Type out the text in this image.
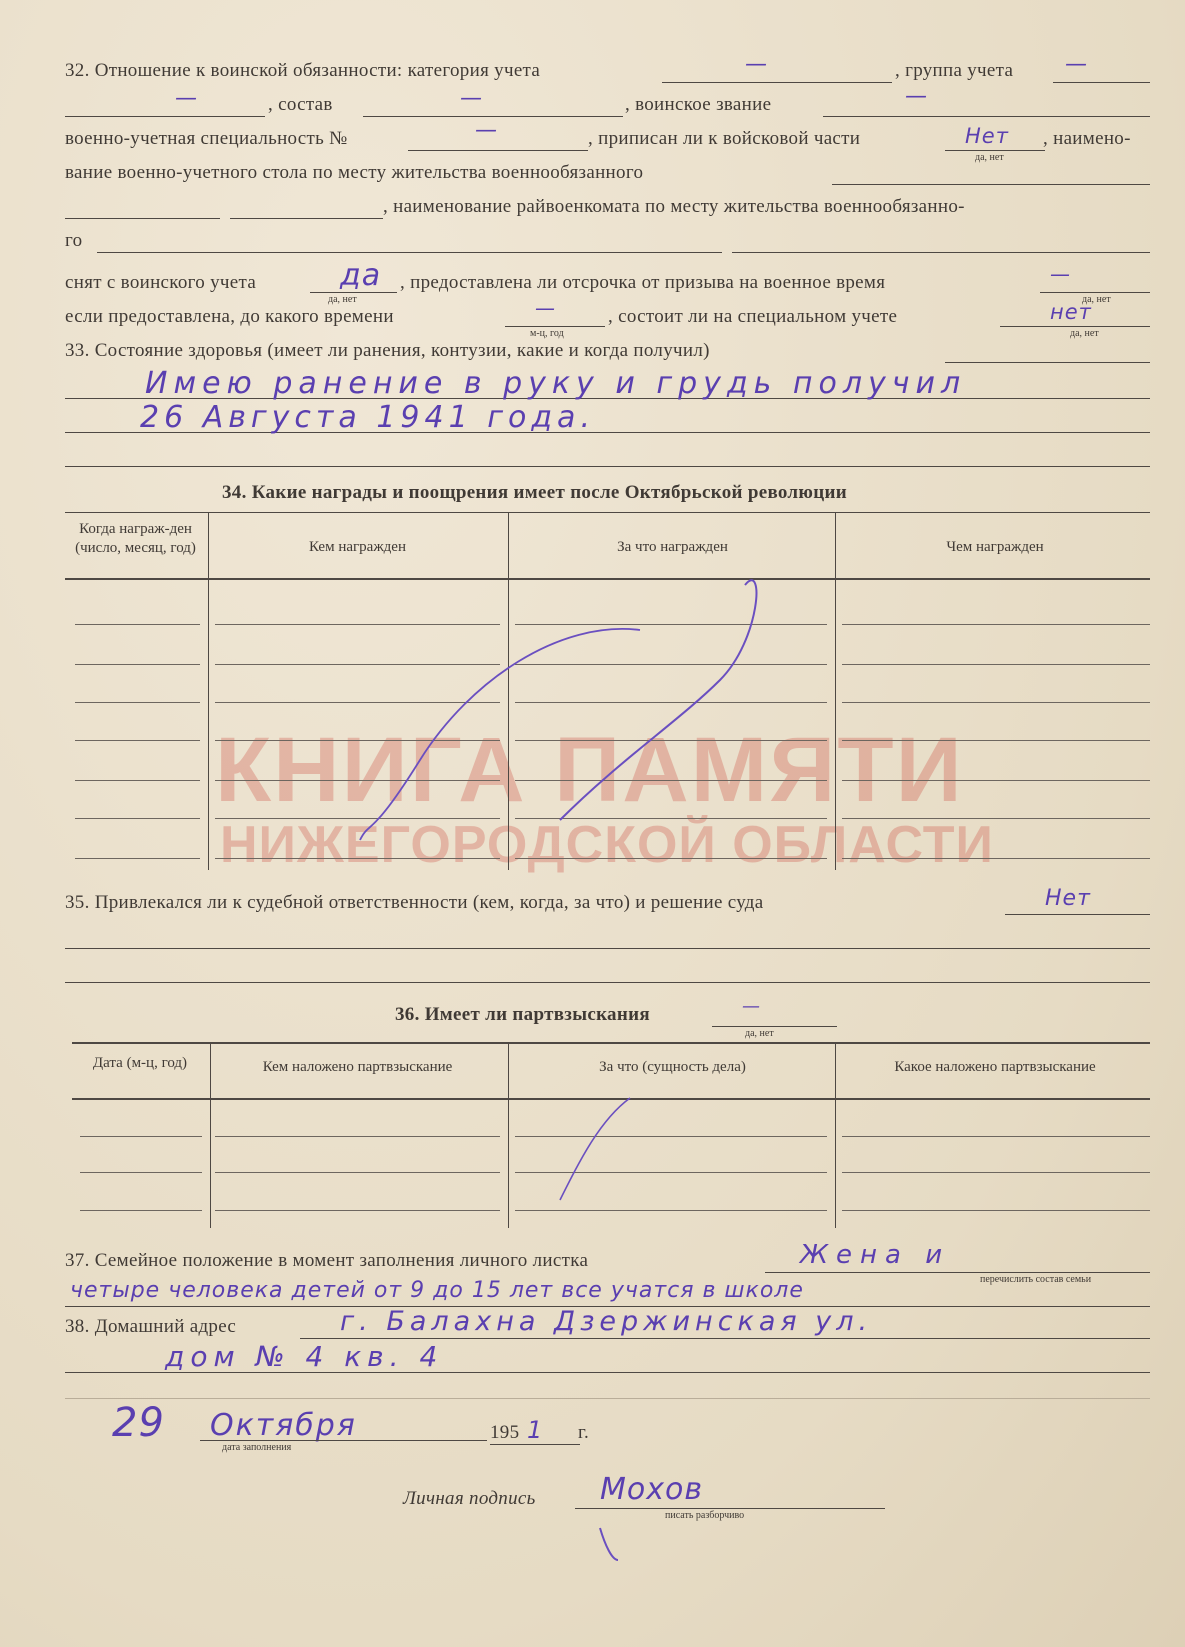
КНИГА ПАМЯТИ
НИЖЕГОРОДСКОЙ ОБЛАСТИ
32. Отношение к воинской обязанности: категория учета	—	, группа учета —
—	, состав	—	, воинское звание	—
военно-учетная специальность №	—	, приписан ли к войсковой части	Нет
да, нет
, наимено-
вание военно-учетного стола по месту жительства военнообязанного
, наименование райвоенкомата по месту жительства военнообязанно-
го
снят с воинского учета	да
да, нет
, предоставлена ли отсрочка от призыва на военное время	—
да, нет
если предоставлена, до какого времени	—
м-ц, год
, состоит ли на специальном учете	нет
да, нет
33. Состояние здоровья (имеет ли ранения, контузии, какие и когда получил)
Имею ранение в руку и грудь получил
26 Августа 1941 года.
34. Какие награды и поощрения имеет после Октябрьской революции
Когда награж-ден (число, месяц, год)	Кем награжден	За что награжден	Чем награжден
35. Привлекался ли к судебной ответственности (кем, когда, за что) и решение суда	Нет
36. Имеет ли партвзыскания	—
да, нет
Дата (м-ц, год)	Кем наложено партвзыскание	За что (сущность дела)	Какое наложено партвзыскание
37. Семейное положение в момент заполнения личного листка	Жена и
перечислить состав семьи
четыре человека детей от 9 до 15 лет все учатся в школе
38. Домашний адрес	г. Балахна Дзержинская ул.
дом № 4 кв. 4
29 Октября
дата заполнения
195 1 г.
Личная подпись
писать разборчиво
Мохов
